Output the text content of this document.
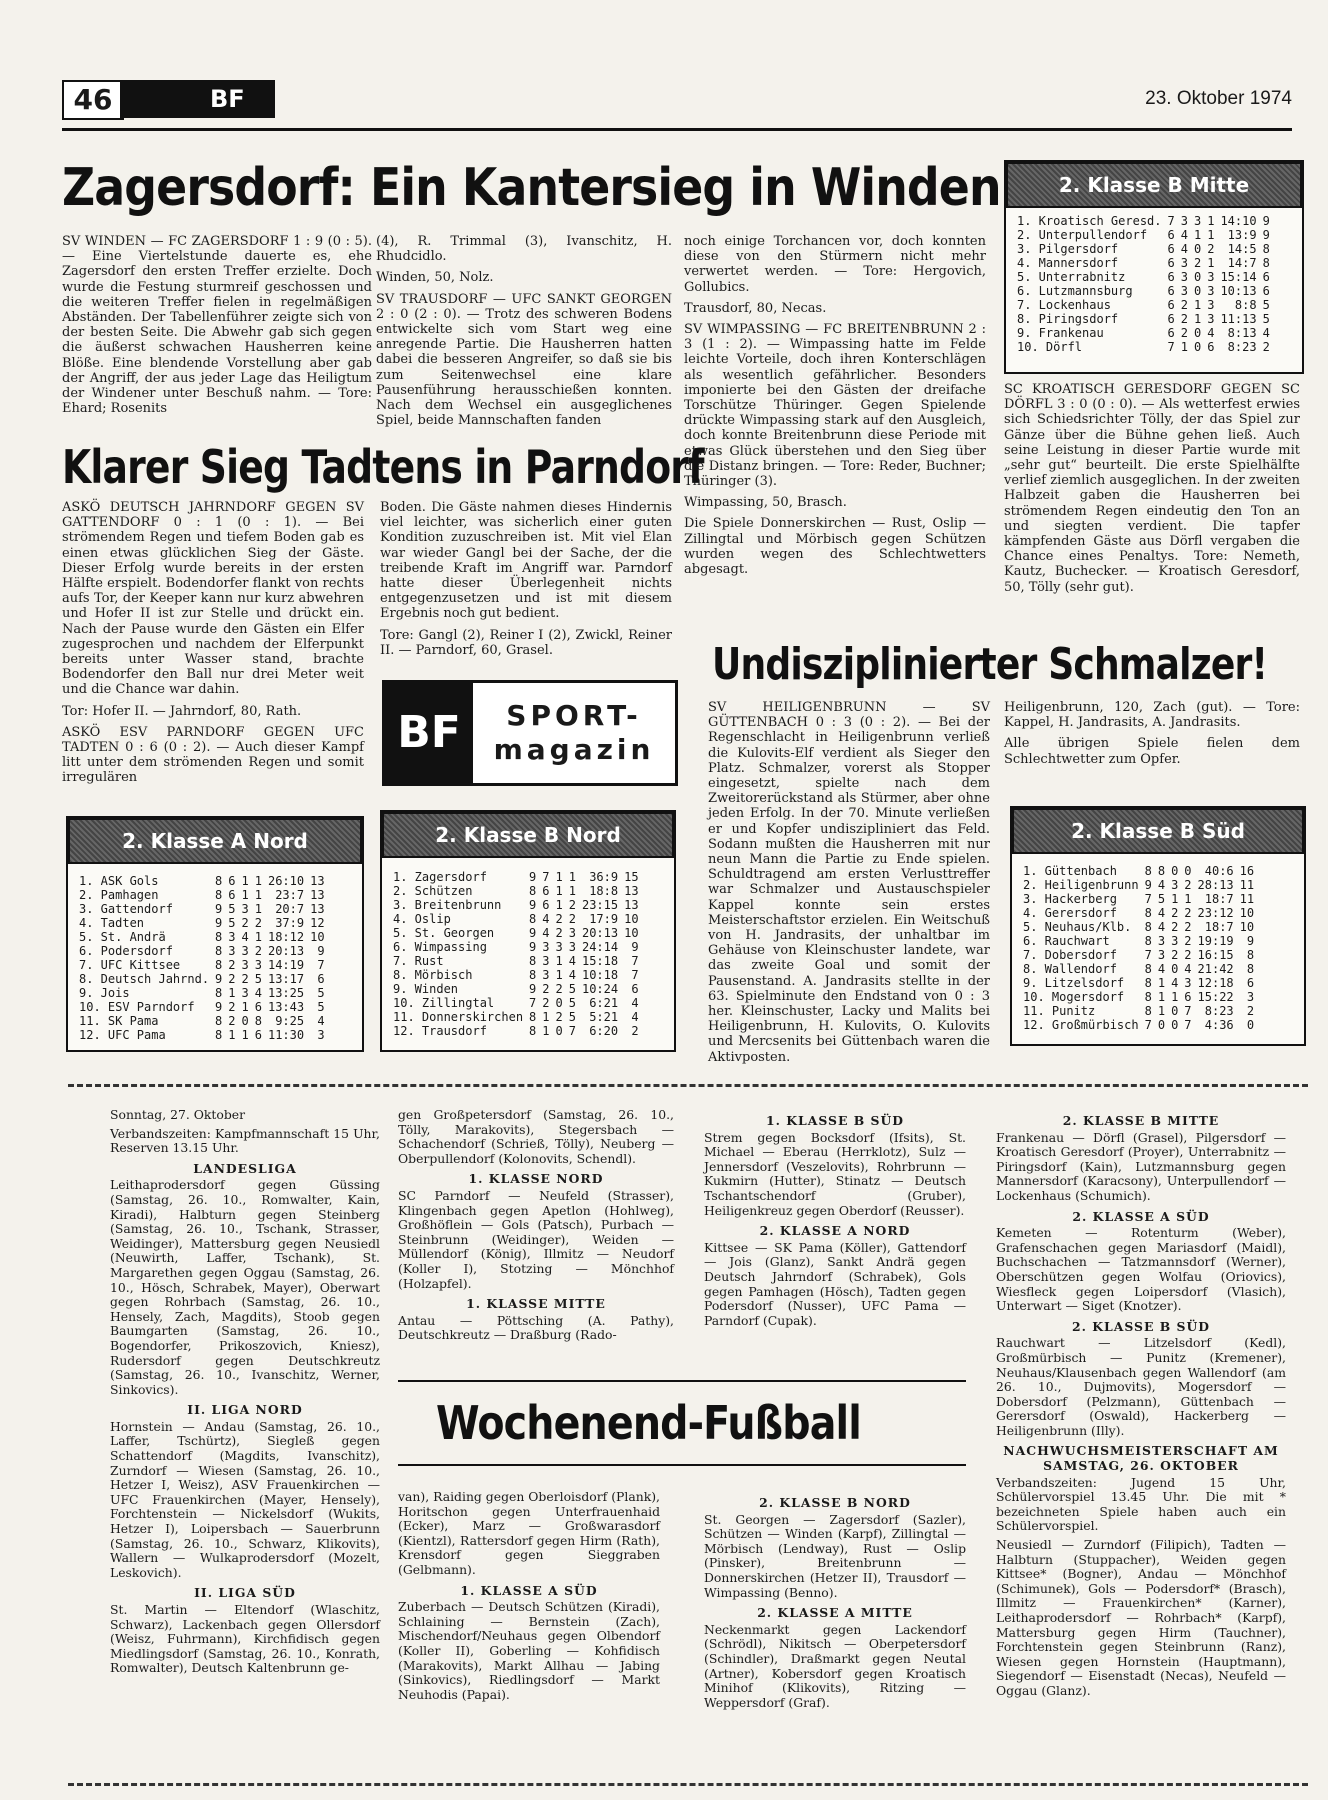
46	BF	23. Oktober 1974
Zagersdorf: Ein Kantersieg in Winden

SV WINDEN — FC ZAGERSDORF 1 : 9 (0 : 5). — Eine Viertelstunde dauerte es, ehe Zagersdorf den ersten Treffer erzielte. Doch wurde die Festung sturmreif geschossen und die weiteren Treffer fielen in regelmäßigen Abständen. Der Tabellenführer zeigte sich von der besten Seite. Die Abwehr gab sich gegen die äußerst schwachen Hausherren keine Blöße. Eine blendende Vorstellung aber gab der Angriff, der aus jeder Lage das Heiligtum der Windener unter Beschuß nahm. — Tore: Ehard; Rosenits

(4), R. Trimmal (3), Ivanschitz, H. Rhudcidlo.

Winden, 50, Nolz.

SV TRAUSDORF — UFC SANKT GEORGEN 2 : 0 (2 : 0). — Trotz des schweren Bodens entwickelte sich vom Start weg eine anregende Partie. Die Hausherren hatten dabei die besseren Angreifer, so daß sie bis zum Seitenwechsel eine klare Pausenführung herausschießen konnten. Nach dem Wechsel ein ausgeglichenes Spiel, beide Mannschaften fanden

noch einige Torchancen vor, doch konnten diese von den Stürmern nicht mehr verwertet werden. — Tore: Hergovich, Gollubics.

Trausdorf, 80, Necas.

SV WIMPASSING — FC BREITENBRUNN 2 : 3 (1 : 2). — Wimpassing hatte im Felde leichte Vorteile, doch ihren Konterschlägen als wesentlich gefährlicher. Besonders imponierte bei den Gästen der dreifache Torschütze Thüringer. Gegen Spielende drückte Wimpassing stark auf den Ausgleich, doch konnte Breitenbrunn diese Periode mit etwas Glück überstehen und den Sieg über die Distanz bringen. — Tore: Reder, Buchner; Thüringer (3).

Wimpassing, 50, Brasch.

Die Spiele Donnerskirchen — Rust, Oslip — Zillingtal und Mörbisch gegen Schützen wurden wegen des Schlechtwetters abgesagt.

2. Klasse B Mitte
1. Kroatisch Geresd.	7	3	3	1	14:10	9
2. Unterpullendorf	6	4	1	1	13:9	9
3. Pilgersdorf	6	4	0	2	14:5	8
4. Mannersdorf	6	3	2	1	14:7	8
5. Unterrabnitz	6	3	0	3	15:14	6
6. Lutzmannsburg	6	3	0	3	10:13	6
7. Lockenhaus	6	2	1	3	8:8	5
8. Piringsdorf	6	2	1	3	11:13	5
9. Frankenau	6	2	0	4	8:13	4
10. Dörfl	7	1	0	6	8:23	2

SC KROATISCH GERESDORF GEGEN SC DÖRFL 3 : 0 (0 : 0). — Als wetterfest erwies sich Schiedsrichter Tölly, der das Spiel zur Gänze über die Bühne gehen ließ. Auch seine Leistung in dieser Partie wurde mit „sehr gut“ beurteilt. Die erste Spielhälfte verlief ziemlich ausgeglichen. In der zweiten Halbzeit gaben die Hausherren bei strömendem Regen eindeutig den Ton an und siegten verdient. Die tapfer kämpfenden Gäste aus Dörfl vergaben die Chance eines Penaltys. Tore: Nemeth, Kautz, Buchecker. — Kroatisch Geresdorf, 50, Tölly (sehr gut).

Klarer Sieg Tadtens in Parndorf

ASKÖ DEUTSCH JAHRNDORF GEGEN SV GATTENDORF 0 : 1 (0 : 1). — Bei strömendem Regen und tiefem Boden gab es einen etwas glücklichen Sieg der Gäste. Dieser Erfolg wurde bereits in der ersten Hälfte erspielt. Bodendorfer flankt von rechts aufs Tor, der Keeper kann nur kurz abwehren und Hofer II ist zur Stelle und drückt ein. Nach der Pause wurde den Gästen ein Elfer zugesprochen und nachdem der Elferpunkt bereits unter Wasser stand, brachte Bodendorfer den Ball nur drei Meter weit und die Chance war dahin.

Tor: Hofer II. — Jahrndorf, 80, Rath.

ASKÖ ESV PARNDORF GEGEN UFC TADTEN 0 : 6 (0 : 2). — Auch dieser Kampf litt unter dem strömenden Regen und somit irregulären

Boden. Die Gäste nahmen dieses Hindernis viel leichter, was sicherlich einer guten Kondition zuzuschreiben ist. Mit viel Elan war wieder Gangl bei der Sache, der die treibende Kraft im Angriff war. Parndorf hatte dieser Überlegenheit nichts entgegenzusetzen und ist mit diesem Ergebnis noch gut bedient.

Tore: Gangl (2), Reiner I (2), Zwickl, Reiner II. — Parndorf, 60, Grasel.

BF	SPORT-
magazin
Undisziplinierter Schmalzer!

SV HEILIGENBRUNN — SV GÜTTENBACH 0 : 3 (0 : 2). — Bei der Regenschlacht in Heiligenbrunn verließ die Kulovits-Elf verdient als Sieger den Platz. Schmalzer, vorerst als Stopper eingesetzt, spielte nach dem Zweitorerückstand als Stürmer, aber ohne jeden Erfolg. In der 70. Minute verließen er und Kopfer undiszipliniert das Feld. Sodann mußten die Hausherren mit nur neun Mann die Partie zu Ende spielen. Schuldtragend am ersten Verlusttreffer war Schmalzer und Austauschspieler Kappel konnte sein erstes Meisterschaftstor erzielen. Ein Weitschuß von H. Jandrasits, der unhaltbar im Gehäuse von Kleinschuster landete, war das zweite Goal und somit der Pausenstand. A. Jandrasits stellte in der 63. Spielminute den Endstand von 0 : 3 her. Kleinschuster, Lacky und Malits bei Heiligenbrunn, H. Kulovits, O. Kulovits und Mercsenits bei Güttenbach waren die Aktivposten.

Heiligenbrunn, 120, Zach (gut). — Tore: Kappel, H. Jandrasits, A. Jandrasits.

Alle übrigen Spiele fielen dem Schlechtwetter zum Opfer.

2. Klasse A Nord
1. ASK Gols	8	6	1	1	26:10	13
2. Pamhagen	8	6	1	1	23:7	13
3. Gattendorf	9	5	3	1	20:7	13
4. Tadten	9	5	2	2	37:9	12
5. St. Andrä	8	3	4	1	18:12	10
6. Podersdorf	8	3	3	2	20:13	9
7. UFC Kittsee	8	2	3	3	14:19	7
8. Deutsch Jahrnd.	9	2	2	5	13:17	6
9. Jois	8	1	3	4	13:25	5
10. ESV Parndorf	9	2	1	6	13:43	5
11. SK Pama	8	2	0	8	9:25	4
12. UFC Pama	8	1	1	6	11:30	3
2. Klasse B Nord
1. Zagersdorf	9	7	1	1	36:9	15
2. Schützen	8	6	1	1	18:8	13
3. Breitenbrunn	9	6	1	2	23:15	13
4. Oslip	8	4	2	2	17:9	10
5. St. Georgen	9	4	2	3	20:13	10
6. Wimpassing	9	3	3	3	24:14	9
7. Rust	8	3	1	4	15:18	7
8. Mörbisch	8	3	1	4	10:18	7
9. Winden	9	2	2	5	10:24	6
10. Zillingtal	7	2	0	5	6:21	4
11. Donnerskirchen	8	1	2	5	5:21	4
12. Trausdorf	8	1	0	7	6:20	2
2. Klasse B Süd
1. Güttenbach	8	8	0	0	40:6	16
2. Heiligenbrunn	9	4	3	2	28:13	11
3. Hackerberg	7	5	1	1	18:7	11
4. Gerersdorf	8	4	2	2	23:12	10
5. Neuhaus/Klb.	8	4	2	2	18:7	10
6. Rauchwart	8	3	3	2	19:19	9
7. Dobersdorf	7	3	2	2	16:15	8
8. Wallendorf	8	4	0	4	21:42	8
9. Litzelsdorf	8	1	4	3	12:18	6
10. Mogersdorf	8	1	1	6	15:22	3
11. Punitz	8	1	0	7	8:23	2
12. Großmürbisch	7	0	0	7	4:36	0

Sonntag, 27. Oktober

Verbandszeiten: Kampfmannschaft 15 Uhr, Reserven 13.15 Uhr.

LANDESLIGA

Leithaprodersdorf gegen Güssing (Samstag, 26. 10., Romwalter, Kain, Kiradi), Halbturn gegen Steinberg (Samstag, 26. 10., Tschank, Strasser, Weidinger), Mattersburg gegen Neusiedl (Neuwirth, Laffer, Tschank), St. Margarethen gegen Oggau (Samstag, 26. 10., Hösch, Schrabek, Mayer), Oberwart gegen Rohrbach (Samstag, 26. 10., Hensely, Zach, Magdits), Stoob gegen Baumgarten (Samstag, 26. 10., Bogendorfer, Prikoszovich, Kniesz), Rudersdorf gegen Deutschkreutz (Samstag, 26. 10., Ivanschitz, Werner, Sinkovics).

II. LIGA NORD

Hornstein — Andau (Samstag, 26. 10., Laffer, Tschürtz), Siegleß gegen Schattendorf (Magdits, Ivanschitz), Zurndorf — Wiesen (Samstag, 26. 10., Hetzer I, Weisz), ASV Frauenkirchen — UFC Frauenkirchen (Mayer, Hensely), Forchtenstein — Nickelsdorf (Wukits, Hetzer I), Loipersbach — Sauerbrunn (Samstag, 26. 10., Schwarz, Klikovits), Wallern — Wulkaprodersdorf (Mozelt, Leskovich).

II. LIGA SÜD

St. Martin — Eltendorf (Wlaschitz, Schwarz), Lackenbach gegen Ollersdorf (Weisz, Fuhrmann), Kirchfidisch gegen Miedlingsdorf (Samstag, 26. 10., Konrath, Romwalter), Deutsch Kaltenbrunn ge-

gen Großpetersdorf (Samstag, 26. 10., Tölly, Marakovits), Stegersbach — Schachendorf (Schrieß, Tölly), Neuberg — Oberpullendorf (Kolonovits, Schendl).

1. KLASSE NORD

SC Parndorf — Neufeld (Strasser), Klingenbach gegen Apetlon (Hohlweg), Großhöflein — Gols (Patsch), Purbach — Steinbrunn (Weidinger), Weiden — Müllendorf (König), Illmitz — Neudorf (Koller I), Stotzing — Mönchhof (Holzapfel).

1. KLASSE MITTE

Antau — Pöttsching (A. Pathy), Deutschkreutz — Draßburg (Rado-

1. KLASSE B SÜD

Strem gegen Bocksdorf (Ifsits), St. Michael — Eberau (Herrklotz), Sulz — Jennersdorf (Veszelovits), Rohrbrunn — Kukmirn (Hutter), Stinatz — Deutsch Tschantschendorf (Gruber), Heiligenkreuz gegen Oberdorf (Reusser).

2. KLASSE A NORD

Kittsee — SK Pama (Köller), Gattendorf — Jois (Glanz), Sankt Andrä gegen Deutsch Jahrndorf (Schrabek), Gols gegen Pamhagen (Hösch), Tadten gegen Podersdorf (Nusser), UFC Pama — Parndorf (Cupak).

2. KLASSE B MITTE

Frankenau — Dörfl (Grasel), Pilgersdorf — Kroatisch Geresdorf (Proyer), Unterrabnitz — Piringsdorf (Kain), Lutzmannsburg gegen Mannersdorf (Karacsony), Unterpullendorf — Lockenhaus (Schumich).

2. KLASSE A SÜD

Kemeten — Rotenturm (Weber), Grafenschachen gegen Mariasdorf (Maidl), Buchschachen — Tatzmannsdorf (Werner), Oberschützen gegen Wolfau (Oriovics), Wiesfleck gegen Loipersdorf (Vlasich), Unterwart — Siget (Knotzer).

2. KLASSE B SÜD

Rauchwart — Litzelsdorf (Kedl), Großmürbisch — Punitz (Kremener), Neuhaus/Klausenbach gegen Wallendorf (am 26. 10., Dujmovits), Mogersdorf — Dobersdorf (Pelzmann), Güttenbach — Gerersdorf (Oswald), Hackerberg — Heiligenbrunn (Illy).

NACHWUCHSMEISTERSCHAFT AM SAMSTAG, 26. OKTOBER

Verbandszeiten: Jugend 15 Uhr, Schülervorspiel 13.45 Uhr. Die mit * bezeichneten Spiele haben auch ein Schülervorspiel.

Neusiedl — Zurndorf (Filipich), Tadten — Halbturn (Stuppacher), Weiden gegen Kittsee* (Bogner), Andau — Mönchhof (Schimunek), Gols — Podersdorf* (Brasch), Illmitz — Frauenkirchen* (Karner), Leithaprodersdorf — Rohrbach* (Karpf), Mattersburg gegen Hirm (Tauchner), Forchtenstein gegen Steinbrunn (Ranz), Wiesen gegen Hornstein (Hauptmann), Siegendorf — Eisenstadt (Necas), Neufeld — Oggau (Glanz).

Wochenend-Fußball

van), Raiding gegen Oberloisdorf (Plank), Horitschon gegen Unterfrauenhaid (Ecker), Marz — Großwarasdorf (Kientzl), Rattersdorf gegen Hirm (Rath), Krensdorf gegen Sieggraben (Gelbmann).

1. KLASSE A SÜD

Zuberbach — Deutsch Schützen (Kiradi), Schlaining — Bernstein (Zach), Mischendorf/Neuhaus gegen Olbendorf (Koller II), Goberling — Kohfidisch (Marakovits), Markt Allhau — Jabing (Sinkovics), Riedlingsdorf — Markt Neuhodis (Papai).

2. KLASSE B NORD

St. Georgen — Zagersdorf (Sazler), Schützen — Winden (Karpf), Zillingtal — Mörbisch (Lendway), Rust — Oslip (Pinsker), Breitenbrunn — Donnerskirchen (Hetzer II), Trausdorf — Wimpassing (Benno).

2. KLASSE A MITTE

Neckenmarkt gegen Lackendorf (Schrödl), Nikitsch — Oberpetersdorf (Schindler), Draßmarkt gegen Neutal (Artner), Kobersdorf gegen Kroatisch Minihof (Klikovits), Ritzing — Weppersdorf (Graf).
